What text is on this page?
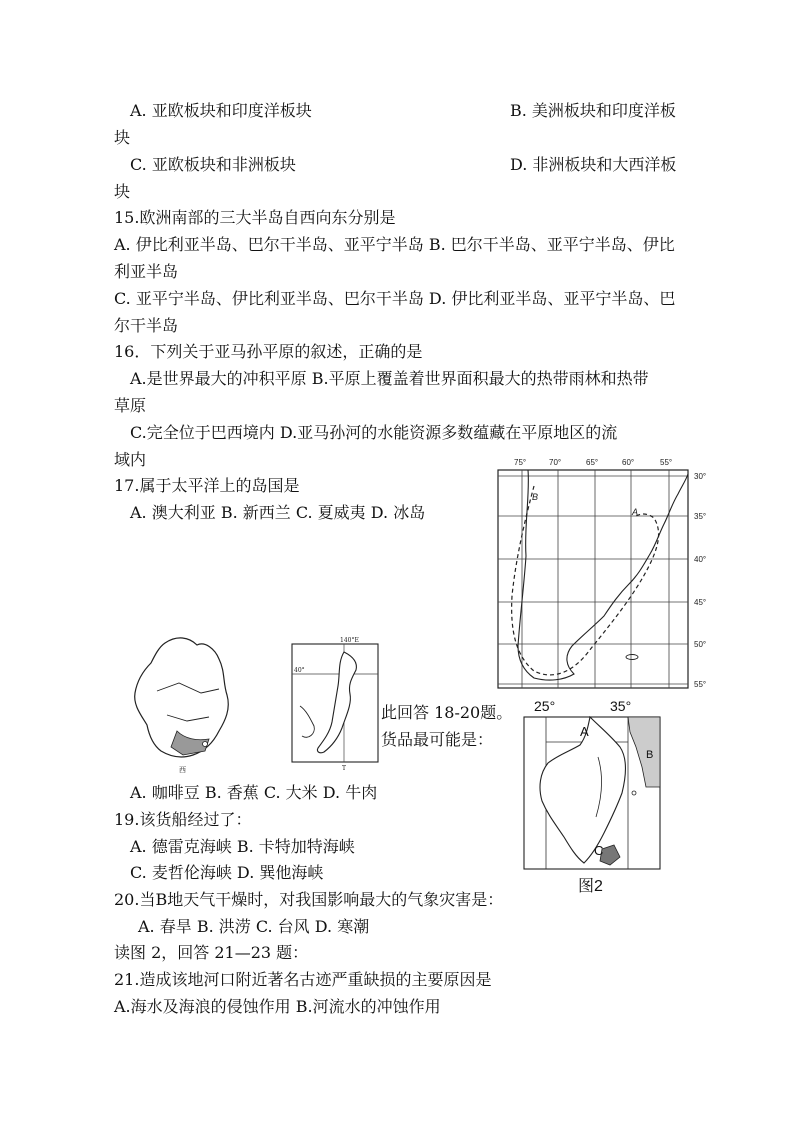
A. 亚欧板块和印度洋板块	B. 美洲板块和印度洋板
块
C. 亚欧板块和非洲板块	D. 非洲板块和大西洋板
块
15.欧洲南部的三大半岛自西向东分别是
A. 伊比利亚半岛、巴尔干半岛、亚平宁半岛 B. 巴尔干半岛、亚平宁半岛、伊比
利亚半岛
C. 亚平宁半岛、伊比利亚半岛、巴尔干半岛 D. 伊比利亚半岛、亚平宁半岛、巴
尔干半岛
16．下列关于亚马孙平原的叙述，正确的是
A.是世界最大的冲积平原 B.平原上覆盖着世界面积最大的热带雨林和热带
草原
C.完全位于巴西境内 D.亚马孙河的水能资源多数蕴藏在平原地区的流
域内
17.属于太平洋上的岛国是
A. 澳大利亚 B. 新西兰 C. 夏威夷 D. 冰岛
75°	70°	65°	60°	55°
30°
35°
40°
45°
50°
55°
B
A
西
140°E
40°
T
此回答 18-20题。
货品最可能是：
25°	35°
A
B
C
图2
A. 咖啡豆 B. 香蕉 C. 大米 D. 牛肉
19.该货船经过了：
A. 德雷克海峡 B. 卡特加特海峡
C. 麦哲伦海峡 D. 巽他海峡
20.当B地天气干燥时，对我国影响最大的气象灾害是：
A. 春旱 B. 洪涝 C. 台风 D. 寒潮
读图 2，回答 21—23 题：
21.造成该地河口附近著名古迹严重缺损的主要原因是
A.海水及海浪的侵蚀作用 B.河流水的冲蚀作用
